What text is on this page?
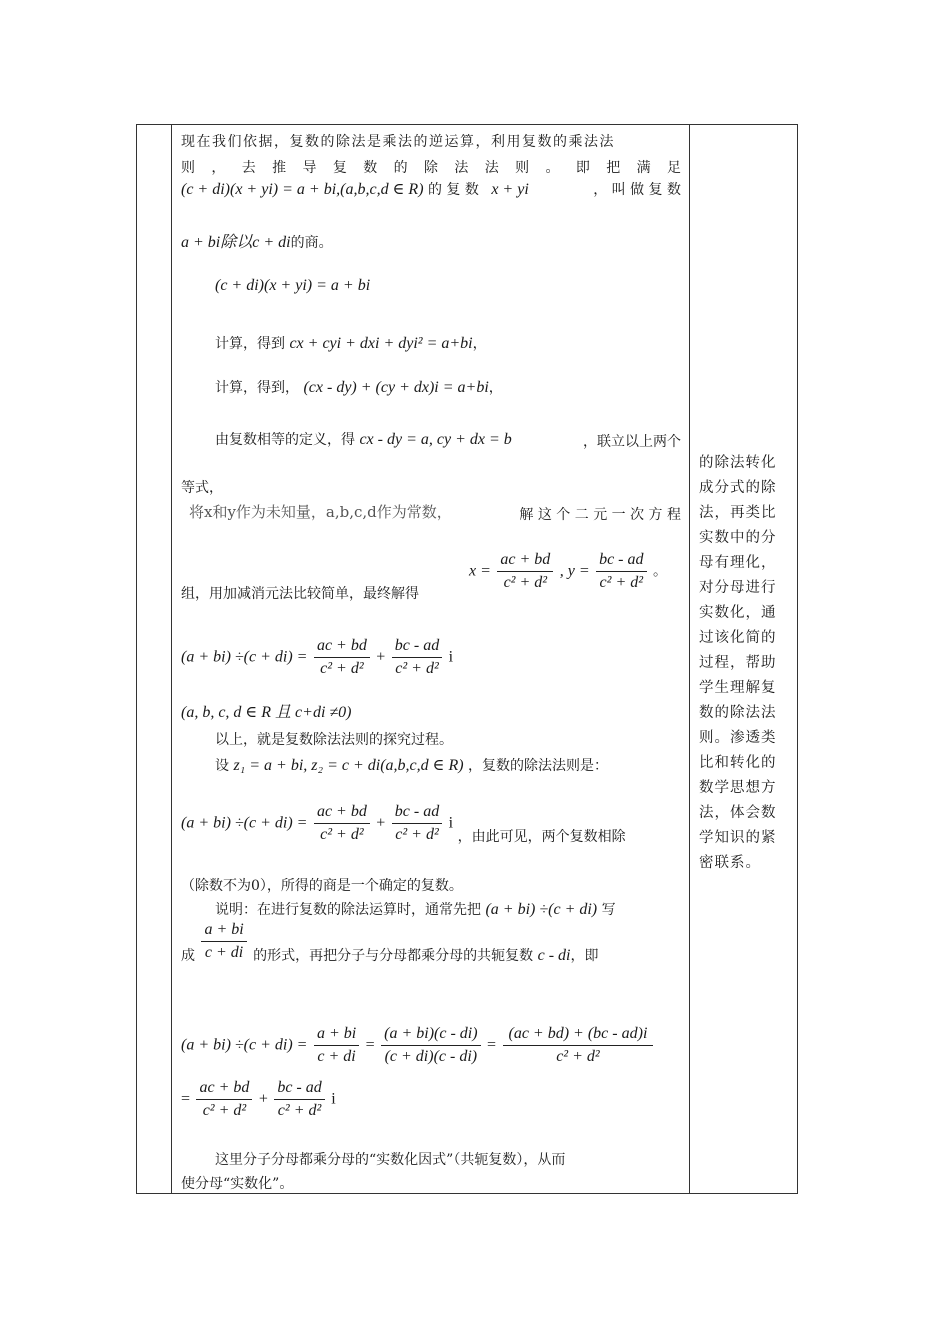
现在我们依据，复数的除法是乘法的逆运算，利用复数的乘法法
则 ， 去 推 导 复 数 的 除 法 法 则 。 即 把 满 足
(c + di)(x + yi) = a + bi,(a,b,c,d ∈ R) 的 复 数 x + yi	， 叫 做 复 数
a + bi除以c + di的商。
(c + di)(x + yi) = a + bi
计算，得到 cx + cyi + dxi + dyi² = a+bi，
计算，得到， (cx - dy) + (cy + dx)i = a+bi，
由复数相等的定义，得 cx - dy = a, cy + dx = b	，联立以上两个
等式，
将x和y作为未知量，a,b,c,d作为常数，	解 这 个 二 元 一 次 方 程
组，用加减消元法比较简单，最终解得
$x = \frac{ac + bd}{\text{c² + d²}}$ , $y = \frac{bc - ad}{\text{c² + d²}}$ 。
$(a + bi) \div(c + di) = \frac{ac + bd}{\text{c² + d²}} + \frac{bc - ad}{\text{c² + d²}}$ i
(a, b, c, d ∈ R 且 c+di ≠0)
以上，就是复数除法法则的探究过程。
设 z₁ = a + bi, z₂ = c + di(a,b,c,d ∈ R) ，复数的除法法则是：
$(a + bi) \div(c + di) = \frac{ac + bd}{\text{c² + d²}} + \frac{bc - ad}{\text{c² + d²}}$ i ，由此可见，两个复数相除
（除数不为0），所得的商是一个确定的复数。
说明：在进行复数的除法运算时，通常先把 (a + bi) ÷(c + di) 写
成 $\frac{a + bi}{c + di}$ 的形式，再把分子与分母都乘分母的共轭复数 c - di，即
$(a + bi) \div(c + di) = \frac{a + bi}{c + di} = \frac{(a + bi)(c - di)}{(c + di)(c - di)} = \frac{(ac + bd) + (bc - ad)i}{\text{c² + d²}}$
= $\frac{ac + bd}{\text{c² + d²}} + \frac{bc - ad}{\text{c² + d²}}$ i
这里分子分母都乘分母的“实数化因式”（共轭复数），从而
使分母“实数化”。
的除法转化
成分式的除
法，再类比
实数中的分
母有理化，
对分母进行
实数化，通
过该化简的
过程，帮助
学生理解复
数的除法法
则。渗透类
比和转化的
数学思想方
法，体会数
学知识的紧
密联系。
